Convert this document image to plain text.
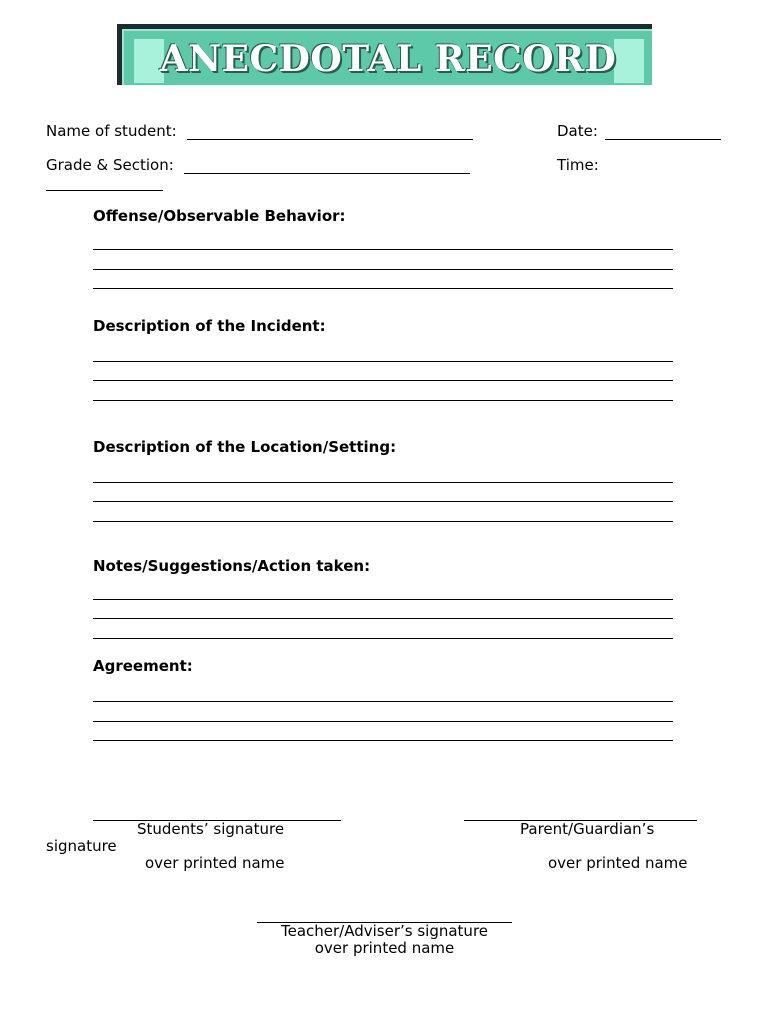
ANECDOTAL RECORD
Name of student:	Date:
Grade & Section:	Time:
Offense/Observable Behavior:
Description of the Incident:
Description of the Location/Setting:
Notes/Suggestions/Action taken:
Agreement:
Students’ signature
over printed name
Parent/Guardian’s
signature
over printed name
Teacher/Adviser’s signature
over printed name
